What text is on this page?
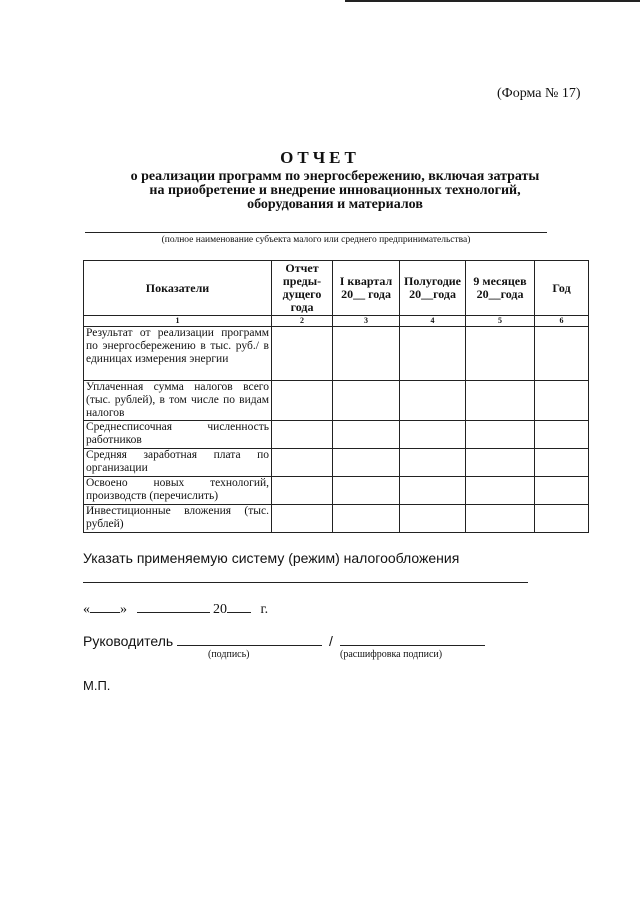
(Форма № 17)
ОТЧЕТ
о реализации программ по энергосбережению, включая затраты
на приобретение и внедрение инновационных технологий,
оборудования и материалов
(полное наименование субъекта малого или среднего предпринимательства)
Показатели	Отчет преды-дущего года	I квартал 20__ года	Полугодие 20__года	9 месяцев 20__года	Год
1	2	3	4	5	6
Результат от реализации программ по энергосбережению в тыс. руб./ в единицах измерения энергии					
Уплаченная сумма налогов всего (тыс. рублей), в том числе по видам налогов					
Среднесписочная численность работников					
Средняя заработная плата по организации					
Освоено новых технологий, производств (перечислить)					
Инвестиционные вложения (тыс. рублей)					
Указать применяемую систему (режим) налогообложения
« »	20 г.
Руководитель	/
(подпись)	(расшифровка подписи)
М.П.
